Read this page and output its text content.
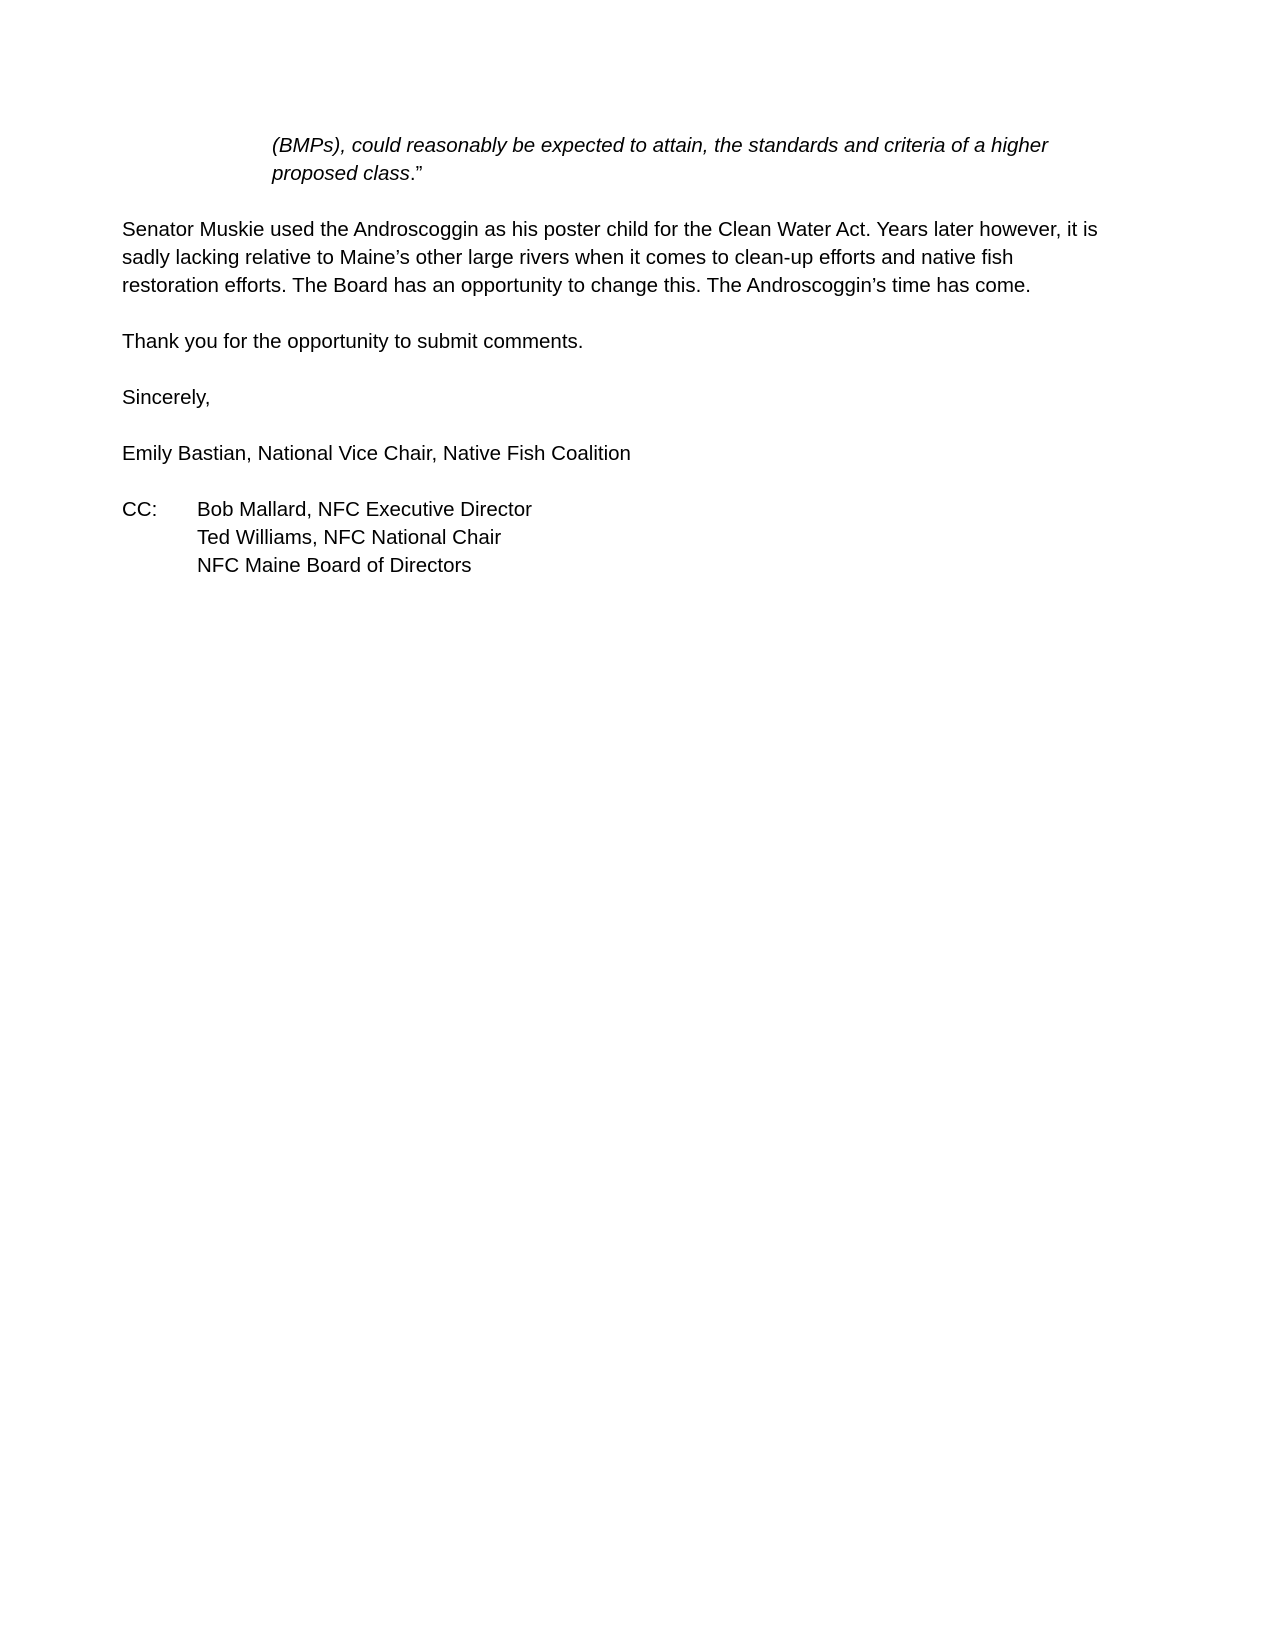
(BMPs), could reasonably be expected to attain, the standards and criteria of a higher
proposed class.”
Senator Muskie used the Androscoggin as his poster child for the Clean Water Act. Years later however, it is
sadly lacking relative to Maine’s other large rivers when it comes to clean-up efforts and native fish
restoration efforts. The Board has an opportunity to change this. The Androscoggin’s time has come.
Thank you for the opportunity to submit comments.
Sincerely,
Emily Bastian, National Vice Chair, Native Fish Coalition
CC: Bob Mallard, NFC Executive Director
Ted Williams, NFC National Chair
NFC Maine Board of Directors
